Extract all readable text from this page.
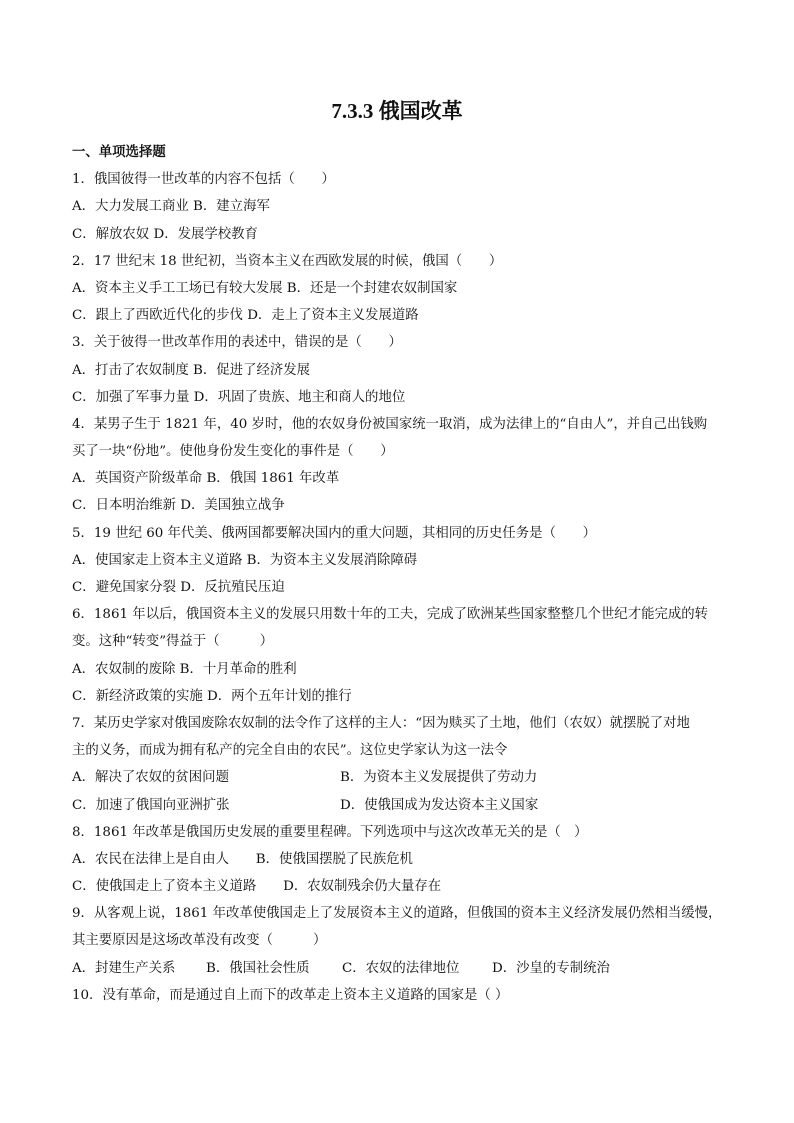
7.3.3 俄国改革
一、单项选择题
1．俄国彼得一世改革的内容不包括（　　）
A．大力发展工商业 B．建立海军
C．解放农奴 D．发展学校教育
2．17 世纪末 18 世纪初，当资本主义在西欧发展的时候，俄国（　　）
A．资本主义手工工场已有较大发展 B．还是一个封建农奴制国家
C．跟上了西欧近代化的步伐 D．走上了资本主义发展道路
3．关于彼得一世改革作用的表述中，错误的是（　　）
A．打击了农奴制度 B．促进了经济发展
C．加强了军事力量 D．巩固了贵族、地主和商人的地位
4．某男子生于 1821 年，40 岁时，他的农奴身份被国家统一取消，成为法律上的“自由人”，并自己出钱购
买了一块“份地”。使他身份发生变化的事件是（　　）
A．英国资产阶级革命 B．俄国 1861 年改革
C．日本明治维新 D．美国独立战争
5．19 世纪 60 年代美、俄两国都要解决国内的重大问题，其相同的历史任务是（　　）
A．使国家走上资本主义道路 B．为资本主义发展消除障碍
C．避免国家分裂 D．反抗殖民压迫
6．1861 年以后，俄国资本主义的发展只用数十年的工夫，完成了欧洲某些国家整整几个世纪才能完成的转
变。这种“转变”得益于（　　　）
A．农奴制的废除 B．十月革命的胜利
C．新经济政策的实施 D．两个五年计划的推行
7．某历史学家对俄国废除农奴制的法令作了这样的主人：“因为赎买了土地，他们（农奴）就摆脱了对地
主的义务，而成为拥有私产的完全自由的农民”。这位史学家认为这一法令
A．解决了农奴的贫困问题	B．为资本主义发展提供了劳动力
C．加速了俄国向亚洲扩张	D．使俄国成为发达资本主义国家
8．1861 年改革是俄国历史发展的重要里程碑。下列选项中与这次改革无关的是（　）
A．农民在法律上是自由人　　B．使俄国摆脱了民族危机
C．使俄国走上了资本主义道路　　D．农奴制残余仍大量存在
9．从客观上说，1861 年改革使俄国走上了发展资本主义的道路，但俄国的资本主义经济发展仍然相当缓慢，
其主要原因是这场改革没有改变（　　　）
A．封建生产关系	B．俄国社会性质	C．农奴的法律地位	D．沙皇的专制统治
10．没有革命，而是通过自上而下的改革走上资本主义道路的国家是（ ）
